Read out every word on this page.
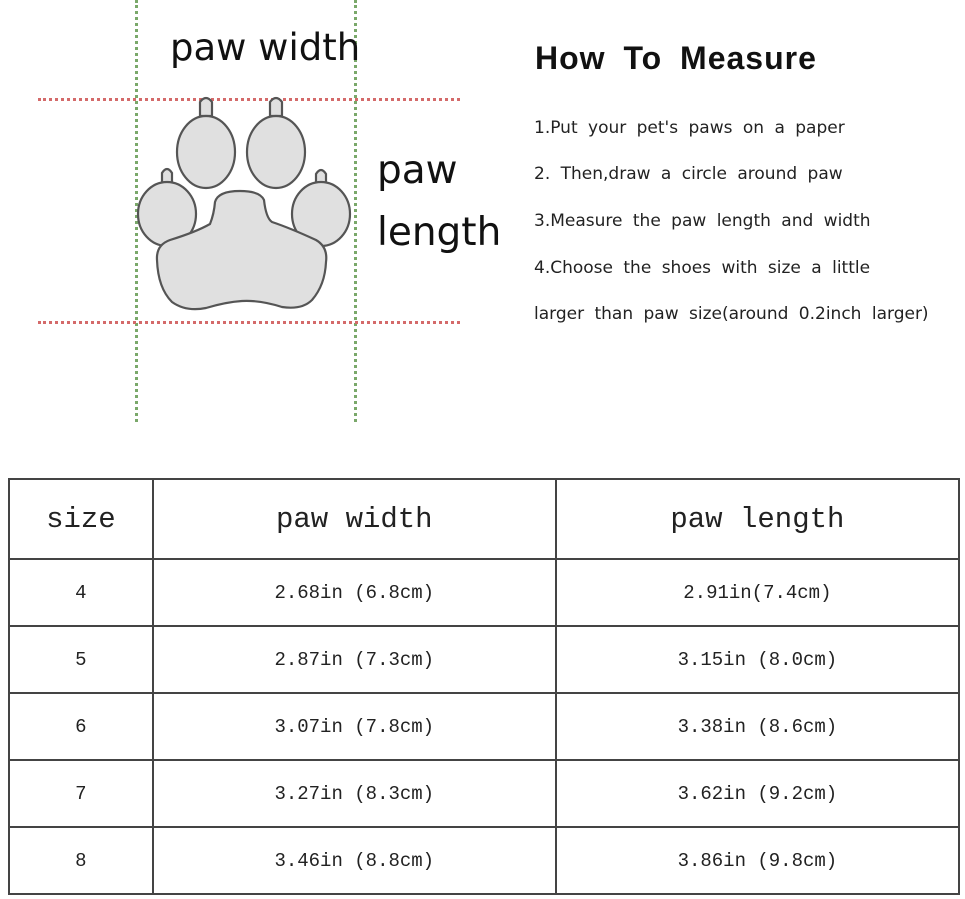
paw width
paw
length
How To Measure
1.Put your pet's paws on a paper
2. Then,draw a circle around paw
3.Measure the paw length and width
4.Choose the shoes with size a little
larger than paw size(around 0.2inch larger)
size	paw width	paw length
4	2.68in (6.8cm)	2.91in(7.4cm)
5	2.87in (7.3cm)	3.15in (8.0cm)
6	3.07in (7.8cm)	3.38in (8.6cm)
7	3.27in (8.3cm)	3.62in (9.2cm)
8	3.46in (8.8cm)	3.86in (9.8cm)
